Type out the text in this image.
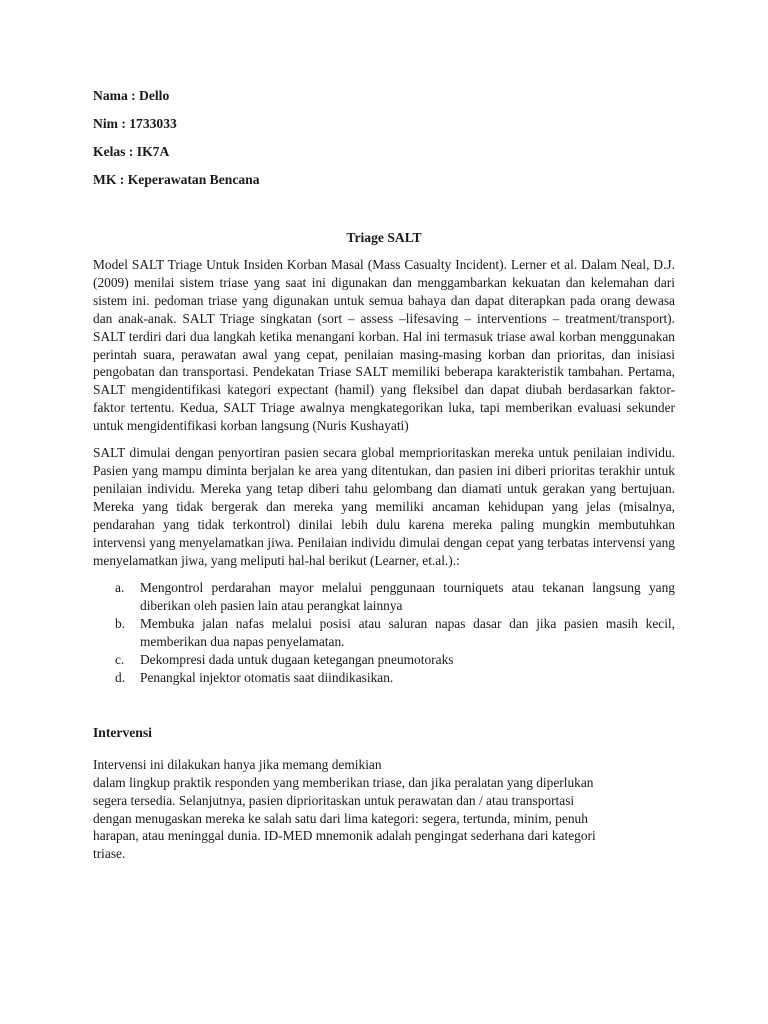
Nama : Dello

Nim : 1733033

Kelas : IK7A

MK : Keperawatan Bencana

Triage SALT

Model SALT Triage Untuk Insiden Korban Masal (Mass Casualty Incident). Lerner et al. Dalam Neal, D.J. (2009) menilai sistem triase yang saat ini digunakan dan menggambarkan kekuatan dan kelemahan dari sistem ini. pedoman triase yang digunakan untuk semua bahaya dan dapat diterapkan pada orang dewasa dan anak-anak. SALT Triage singkatan (sort – assess –lifesaving – interventions – treatment/transport). SALT terdiri dari dua langkah ketika menangani korban. Hal ini termasuk triase awal korban menggunakan perintah suara, perawatan awal yang cepat, penilaian masing-masing korban dan prioritas, dan inisiasi pengobatan dan transportasi. Pendekatan Triase SALT memiliki beberapa karakteristik tambahan. Pertama, SALT mengidentifikasi kategori expectant (hamil) yang fleksibel dan dapat diubah berdasarkan faktor-faktor tertentu. Kedua, SALT Triage awalnya mengkategorikan luka, tapi memberikan evaluasi sekunder untuk mengidentifikasi korban langsung (Nuris Kushayati)

SALT dimulai dengan penyortiran pasien secara global memprioritaskan mereka untuk penilaian individu. Pasien yang mampu diminta berjalan ke area yang ditentukan, dan pasien ini diberi prioritas terakhir untuk penilaian individu. Mereka yang tetap diberi tahu gelombang dan diamati untuk gerakan yang bertujuan. Mereka yang tidak bergerak dan mereka yang memiliki ancaman kehidupan yang jelas (misalnya, pendarahan yang tidak terkontrol) dinilai lebih dulu karena mereka paling mungkin membutuhkan intervensi yang menyelamatkan jiwa. Penilaian individu dimulai dengan cepat yang terbatas intervensi yang menyelamatkan jiwa, yang meliputi hal-hal berikut (Learner, et.al.).:

a. Mengontrol perdarahan mayor melalui penggunaan tourniquets atau tekanan langsung yang diberikan oleh pasien lain atau perangkat lainnya
b. Membuka jalan nafas melalui posisi atau saluran napas dasar dan jika pasien masih kecil, memberikan dua napas penyelamatan.
c. Dekompresi dada untuk dugaan ketegangan pneumotoraks
d. Penangkal injektor otomatis saat diindikasikan.
Intervensi

Intervensi ini dilakukan hanya jika memang demikian
dalam lingkup praktik responden yang memberikan triase, dan jika peralatan yang diperlukan
segera tersedia. Selanjutnya, pasien diprioritaskan untuk perawatan dan / atau transportasi
dengan menugaskan mereka ke salah satu dari lima kategori: segera, tertunda, minim, penuh
harapan, atau meninggal dunia. ID-MED mnemonik adalah pengingat sederhana dari kategori
triase.
